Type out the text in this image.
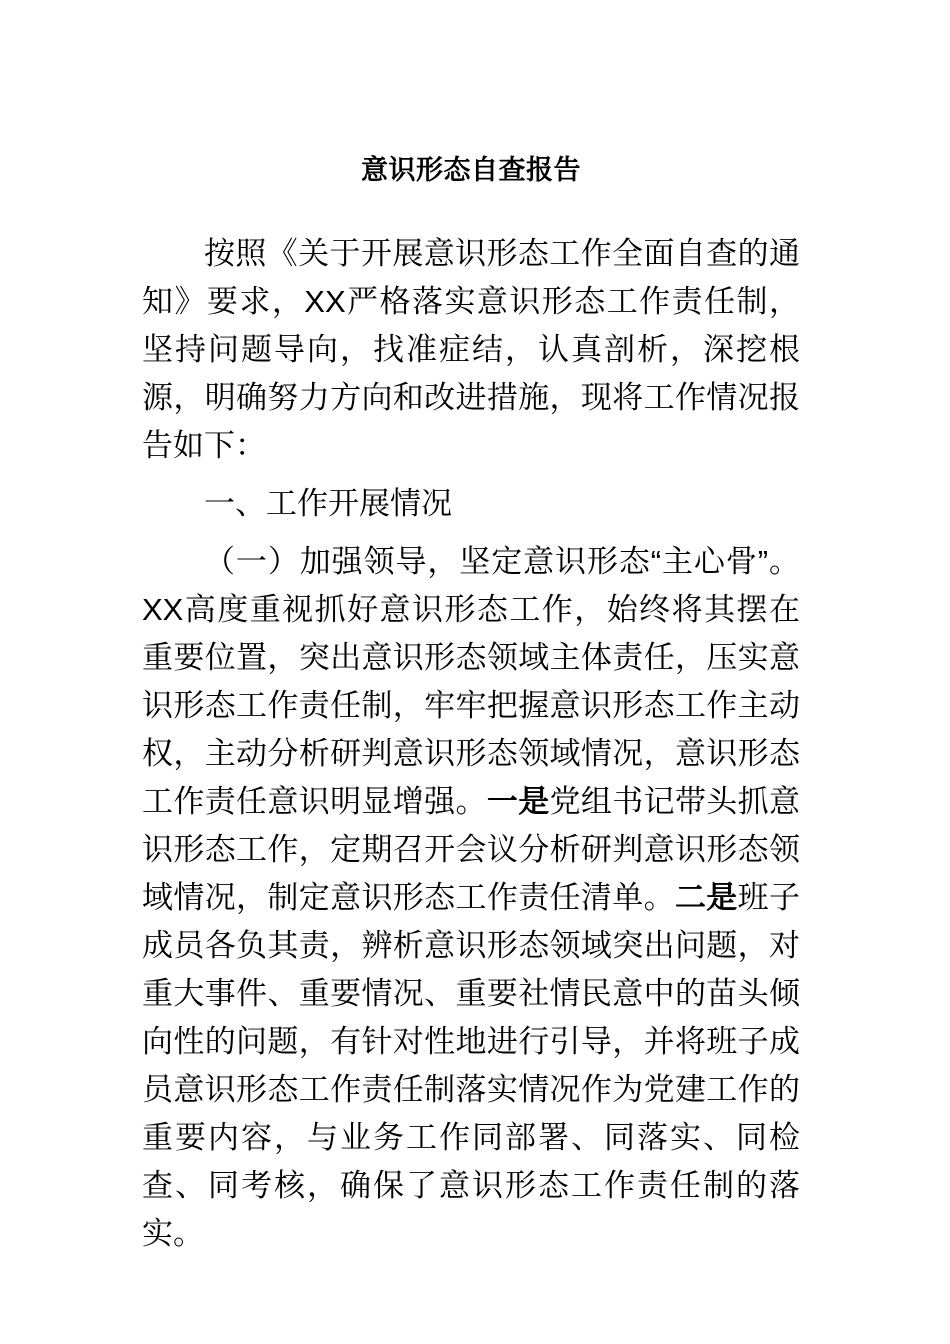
意识形态自查报告

按照《关于开展意识形态工作全面自查的通知》要求，XX严格落实意识形态工作责任制，坚持问题导向，找准症结，认真剖析，深挖根源，明确努力方向和改进措施，现将工作情况报告如下：

一、工作开展情况

（一）加强领导，坚定意识形态“主心骨”。XX高度重视抓好意识形态工作，始终将其摆在重要位置，突出意识形态领域主体责任，压实意识形态工作责任制，牢牢把握意识形态工作主动权，主动分析研判意识形态领域情况，意识形态工作责任意识明显增强。一是党组书记带头抓意识形态工作，定期召开会议分析研判意识形态领域情况，制定意识形态工作责任清单。二是班子成员各负其责，辨析意识形态领域突出问题，对重大事件、重要情况、重要社情民意中的苗头倾向性的问题，有针对性地进行引导，并将班子成员意识形态工作责任制落实情况作为党建工作的重要内容，与业务工作同部署、同落实、同检查、同考核，确保了意识形态工作责任制的落实。
